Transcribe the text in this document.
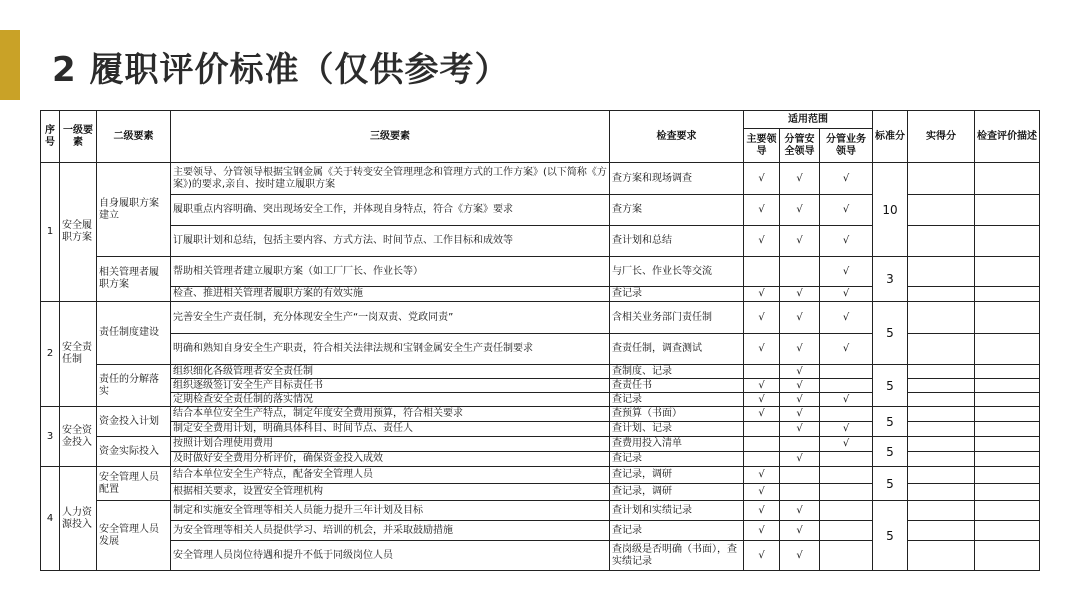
2 履职评价标准（仅供参考）
序号	一级要素	二级要素	三级要素	检查要求	适用范围			标准分	实得分	检查评价描述
					主要领导	分管安全领导	分管业务领导			
1	安全履职方案	自身履职方案建立	主要领导、分管领导根据宝钢金属《关于转变安全管理理念和管理方式的工作方案》(以下简称《方案》)的要求,亲自、按时建立履职方案	查方案和现场调查	√	√	√	10		
			履职重点内容明确、突出现场安全工作，并体现自身特点，符合《方案》要求	查方案	√	√	√			
			订履职计划和总结，包括主要内容、方式方法、时间节点、工作目标和成效等	查计划和总结	√	√	√			
		相关管理者履职方案	帮助相关管理者建立履职方案（如工厂厂长、作业长等）	与厂长、作业长等交流			√	3		
			检查、推进相关管理者履职方案的有效实施	查记录	√	√	√			
2	安全责任制	责任制度建设	完善安全生产责任制，充分体现安全生产“一岗双责、党政同责”	含相关业务部门责任制	√	√	√	5		
			明确和熟知自身安全生产职责，符合相关法律法规和宝钢金属安全生产责任制要求	查责任制，调查测试	√	√	√			
		责任的分解落实	组织细化各级管理者安全责任制	查制度、记录		√		5		
			组织逐级签订安全生产目标责任书	查责任书	√	√				
			定期检查安全责任制的落实情况	查记录	√	√	√			
3	安全资金投入	资金投入计划	结合本单位安全生产特点，制定年度安全费用预算，符合相关要求	查预算（书面）	√	√		5		
			制定安全费用计划，明确具体科目、时间节点、责任人	查计划、记录		√	√			
		资金实际投入	按照计划合理使用费用	查费用投入清单			√	5		
			及时做好安全费用分析评价，确保资金投入成效	查记录		√				
4	人力资源投入	安全管理人员配置	结合本单位安全生产特点，配备安全管理人员	查记录，调研	√			5		
			根据相关要求，设置安全管理机构	查记录，调研	√					
		安全管理人员发展	制定和实施安全管理等相关人员能力提升三年计划及目标	查计划和实绩记录	√	√		5		
			为安全管理等相关人员提供学习、培训的机会，并采取鼓励措施	查记录	√	√				
			安全管理人员岗位待遇和提升不低于同级岗位人员	查岗级是否明确（书面），查实绩记录	√	√				
